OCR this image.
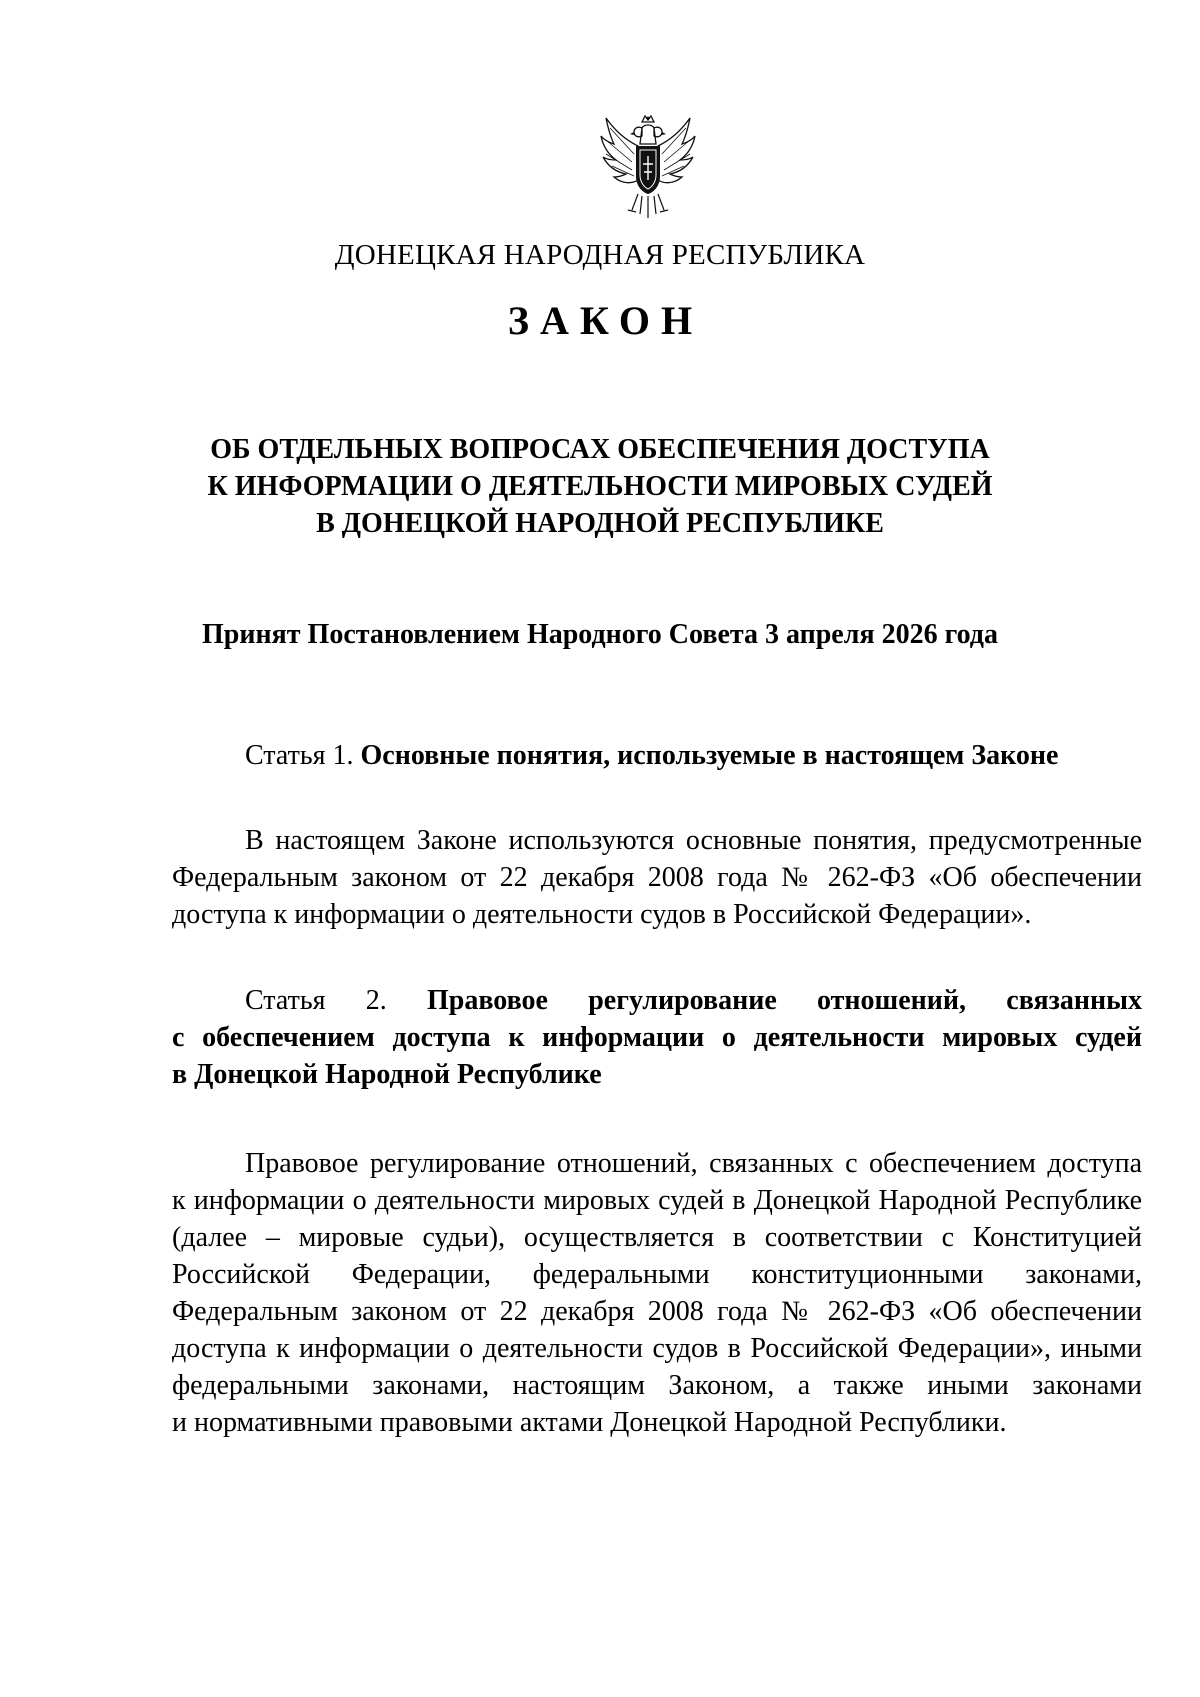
ДОНЕЦКАЯ НАРОДНАЯ РЕСПУБЛИКА
ЗАКОН
ОБ ОТДЕЛЬНЫХ ВОПРОСАХ ОБЕСПЕЧЕНИЯ ДОСТУПА
К ИНФОРМАЦИИ О ДЕЯТЕЛЬНОСТИ МИРОВЫХ СУДЕЙ
В ДОНЕЦКОЙ НАРОДНОЙ РЕСПУБЛИКЕ
Принят Постановлением Народного Совета 3 апреля 2026 года
Статья 1. Основные понятия, используемые в настоящем Законе
В настоящем Законе используются основные понятия, предусмотренные
Федеральным законом от 22 декабря 2008 года № 262-ФЗ «Об обеспечении
доступа к информации о деятельности судов в Российской Федерации».
Статья 2. Правовое регулирование отношений, связанных
с обеспечением доступа к информации о деятельности мировых судей
в Донецкой Народной Республике
Правовое регулирование отношений, связанных с обеспечением доступа
к информации о деятельности мировых судей в Донецкой Народной Республике
(далее – мировые судьи), осуществляется в соответствии с Конституцией
Российской Федерации, федеральными конституционными законами,
Федеральным законом от 22 декабря 2008 года № 262-ФЗ «Об обеспечении
доступа к информации о деятельности судов в Российской Федерации», иными
федеральными законами, настоящим Законом, а также иными законами
и нормативными правовыми актами Донецкой Народной Республики.
